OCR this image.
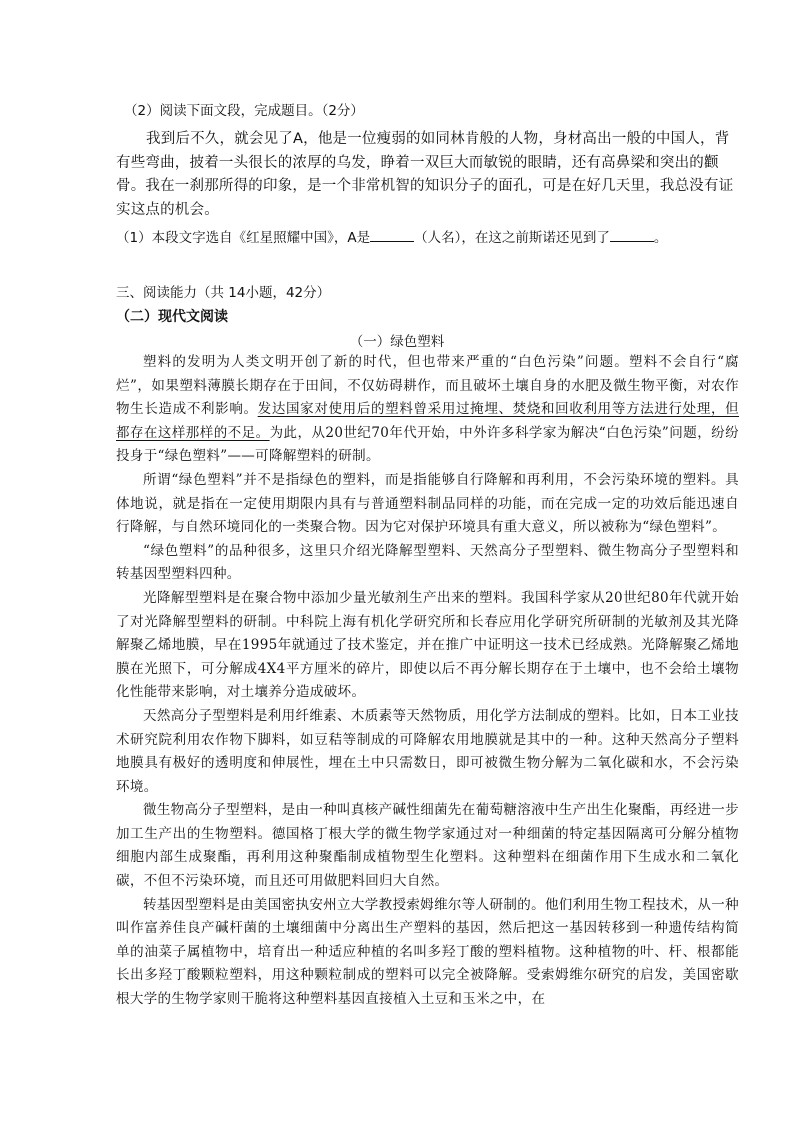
（2）阅读下面文段，完成题目。（2分）
我到后不久，就会见了A，他是一位瘦弱的如同林肯般的人物，身材高出一般的中国人，背有些弯曲，披着一头很长的浓厚的乌发，睁着一双巨大而敏锐的眼睛，还有高鼻梁和突出的颧骨。我在一刹那所得的印象，是一个非常机智的知识分子的面孔，可是在好几天里，我总没有证实这点的机会。
（1）本段文字选自《红星照耀中国》，A是	（人名），在这之前斯诺还见到了	。
三、阅读能力（共 14小题，42分）
（二）现代文阅读
（一）绿色塑料

塑料的发明为人类文明开创了新的时代，但也带来严重的“白色污染”问题。塑料不会自行“腐烂”，如果塑料薄膜长期存在于田间，不仅妨碍耕作，而且破坏土壤自身的水肥及微生物平衡，对农作物生长造成不利影响。发达国家对使用后的塑料曾采用过掩埋、焚烧和回收利用等方法进行处理，但都存在这样那样的不足。为此，从20世纪70年代开始，中外许多科学家为解决“白色污染”问题，纷纷投身于“绿色塑料”——可降解塑料的研制。

所谓“绿色塑料”并不是指绿色的塑料，而是指能够自行降解和再利用，不会污染环境的塑料。具体地说，就是指在一定使用期限内具有与普通塑料制品同样的功能，而在完成一定的功效后能迅速自行降解，与自然环境同化的一类聚合物。因为它对保护环境具有重大意义，所以被称为“绿色塑料”。

“绿色塑料”的品种很多，这里只介绍光降解型塑料、天然高分子型塑料、微生物高分子型塑料和转基因型塑料四种。

光降解型塑料是在聚合物中添加少量光敏剂生产出来的塑料。我国科学家从20世纪80年代就开始了对光降解型塑料的研制。中科院上海有机化学研究所和长春应用化学研究所研制的光敏剂及其光降解聚乙烯地膜，早在1995年就通过了技术鉴定，并在推广中证明这一技术已经成熟。光降解聚乙烯地膜在光照下，可分解成4X4平方厘米的碎片，即使以后不再分解长期存在于土壤中，也不会给土壤物化性能带来影响，对土壤养分造成破坏。

天然高分子型塑料是利用纤维素、木质素等天然物质，用化学方法制成的塑料。比如，日本工业技术研究院利用农作物下脚料，如豆秸等制成的可降解农用地膜就是其中的一种。这种天然高分子塑料地膜具有极好的透明度和伸展性，埋在土中只需数日，即可被微生物分解为二氧化碳和水，不会污染环境。

微生物高分子型塑料，是由一种叫真核产碱性细菌先在葡萄糖溶液中生产出生化聚酯，再经进一步加工生产出的生物塑料。德国格丁根大学的微生物学家通过对一种细菌的特定基因隔离可分解分植物细胞内部生成聚酯，再利用这种聚酯制成植物型生化塑料。这种塑料在细菌作用下生成水和二氧化碳，不但不污染环境，而且还可用做肥料回归大自然。

转基因型塑料是由美国密执安州立大学教授索姆维尔等人研制的。他们利用生物工程技术，从一种叫作富养佳良产碱杆菌的土壤细菌中分离出生产塑料的基因，然后把这一基因转移到一种遗传结构简单的油菜子属植物中，培育出一种适应种植的名叫多羟丁酸的塑料植物。这种植物的叶、杆、根都能长出多羟丁酸颗粒塑料，用这种颗粒制成的塑料可以完全被降解。受索姆维尔研究的启发，美国密歇根大学的生物学家则干脆将这种塑料基因直接植入土豆和玉米之中，在
